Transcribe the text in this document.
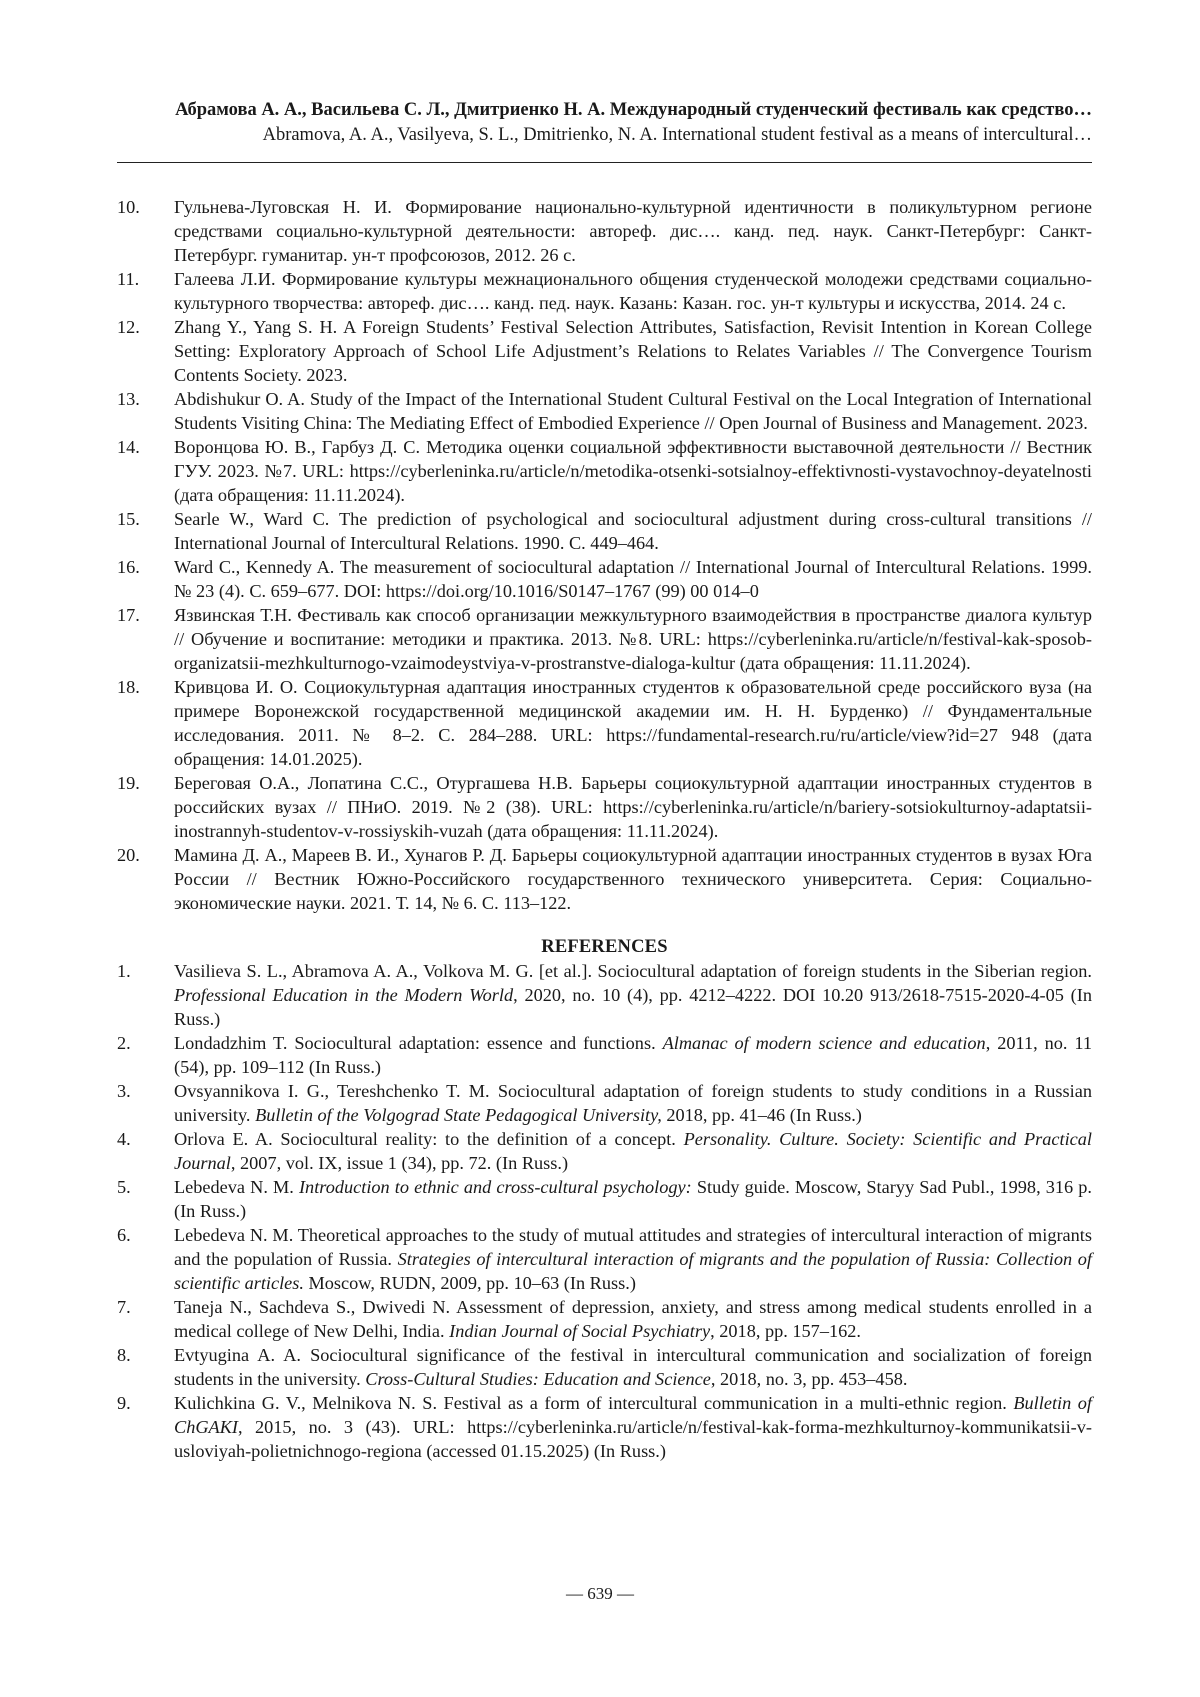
Абрамова А. А., Васильева С. Л., Дмитриенко Н. А. Международный студенческий фестиваль как средство…
Abramova, A. A., Vasilyeva, S. L., Dmitrienko, N. A. International student festival as a means of intercultural…
10.	Гульнева-Луговская Н. И. Формирование национально-культурной идентичности в поликультурном регионе средствами социально-культурной деятельности: автореф. дис…. канд. пед. наук. Санкт-Петербург: Санкт-Петербург. гуманитар. ун-т профсоюзов, 2012. 26 с.
11.	Галеева Л.И. Формирование культуры межнационального общения студенческой молодежи средствами социально-культурного творчества: автореф. дис…. канд. пед. наук. Казань: Казан. гос. ун-т культуры и искусства, 2014. 24 с.
12.	Zhang Y., Yang S. H. A Foreign Students’ Festival Selection Attributes, Satisfaction, Revisit Intention in Korean College Setting: Exploratory Approach of School Life Adjustment’s Relations to Relates Variables // The Convergence Tourism Contents Society. 2023.
13.	Abdishukur O. A. Study of the Impact of the International Student Cultural Festival on the Local Integration of International Students Visiting China: The Mediating Effect of Embodied Experience // Open Journal of Business and Management. 2023.
14.	Воронцова Ю. В., Гарбуз Д. С. Методика оценки социальной эффективности выставочной деятельности // Вестник ГУУ. 2023. №7. URL: https://cyberleninka.ru/article/n/metodika-otsenki-sotsialnoy-effektivnosti-vystavochnoy-deyatelnosti (дата обращения: 11.11.2024).
15.	Searle W., Ward C. The prediction of psychological and sociocultural adjustment during cross-cultural transitions // International Journal of Intercultural Relations. 1990. С. 449–464.
16.	Ward C., Kennedy A. The measurement of sociocultural adaptation // International Journal of Intercultural Relations. 1999. № 23 (4). С. 659–677. DOI: https://doi.org/10.1016/S0147–1767 (99) 00 014–0
17.	Язвинская Т.Н. Фестиваль как способ организации межкультурного взаимодействия в пространстве диалога культур // Обучение и воспитание: методики и практика. 2013. №8. URL: https://cyberleninka.ru/article/n/festival-kak-sposob-organizatsii-mezhkulturnogo-vzaimodeystviya-v-prostranstve-dialoga-kultur (дата обращения: 11.11.2024).
18.	Кривцова И. О. Социокультурная адаптация иностранных студентов к образовательной среде российского вуза (на примере Воронежской государственной медицинской академии им. Н. Н. Бурденко) // Фундаментальные исследования. 2011. № 8–2. С. 284–288. URL: https://fundamental-research.ru/ru/article/view?id=27 948 (дата обращения: 14.01.2025).
19.	Береговая О.А., Лопатина С.С., Отургашева Н.В. Барьеры социокультурной адаптации иностранных студентов в российских вузах // ПНиО. 2019. №2 (38). URL: https://cyberleninka.ru/article/n/bariery-sotsiokulturnoy-adaptatsii-inostrannyh-studentov-v-rossiyskih-vuzah (дата обращения: 11.11.2024).
20.	Мамина Д. А., Мареев В. И., Хунагов Р. Д. Барьеры социокультурной адаптации иностранных студентов в вузах Юга России // Вестник Южно-Российского государственного технического университета. Серия: Социально-экономические науки. 2021. Т. 14, № 6. С. 113–122.
REFERENCES
1.	Vasilieva S. L., Abramova A. A., Volkova M. G. [et al.]. Sociocultural adaptation of foreign students in the Siberian region. Professional Education in the Modern World, 2020, no. 10 (4), pp. 4212–4222. DOI 10.20 913/2618-7515-2020-4-05 (In Russ.)
2.	Londadzhim T. Sociocultural adaptation: essence and functions. Almanac of modern science and education, 2011, no. 11 (54), pp. 109–112 (In Russ.)
3.	Ovsyannikova I. G., Tereshchenko T. M. Sociocultural adaptation of foreign students to study conditions in a Russian university. Bulletin of the Volgograd State Pedagogical University, 2018, pp. 41–46 (In Russ.)
4.	Orlova E. A. Sociocultural reality: to the definition of a concept. Personality. Culture. Society: Scientific and Practical Journal, 2007, vol. IX, issue 1 (34), pp. 72. (In Russ.)
5.	Lebedeva N. M. Introduction to ethnic and cross-cultural psychology: Study guide. Moscow, Staryy Sad Publ., 1998, 316 p. (In Russ.)
6.	Lebedeva N. M. Theoretical approaches to the study of mutual attitudes and strategies of intercultural interaction of migrants and the population of Russia. Strategies of intercultural interaction of migrants and the population of Russia: Collection of scientific articles. Moscow, RUDN, 2009, pp. 10–63 (In Russ.)
7.	Taneja N., Sachdeva S., Dwivedi N. Assessment of depression, anxiety, and stress among medical students enrolled in a medical college of New Delhi, India. Indian Journal of Social Psychiatry, 2018, pp. 157–162.
8.	Evtyugina A. A. Sociocultural significance of the festival in intercultural communication and socialization of foreign students in the university. Cross-Cultural Studies: Education and Science, 2018, no. 3, pp. 453–458.
9.	Kulichkina G. V., Melnikova N. S. Festival as a form of intercultural communication in a multi-ethnic region. Bulletin of ChGAKI, 2015, no. 3 (43). URL: https://cyberleninka.ru/article/n/festival-kak-forma-mezhkulturnoy-kommunikatsii-v-usloviyah-polietnichnogo-regiona (accessed 01.15.2025) (In Russ.)
— 639 —
